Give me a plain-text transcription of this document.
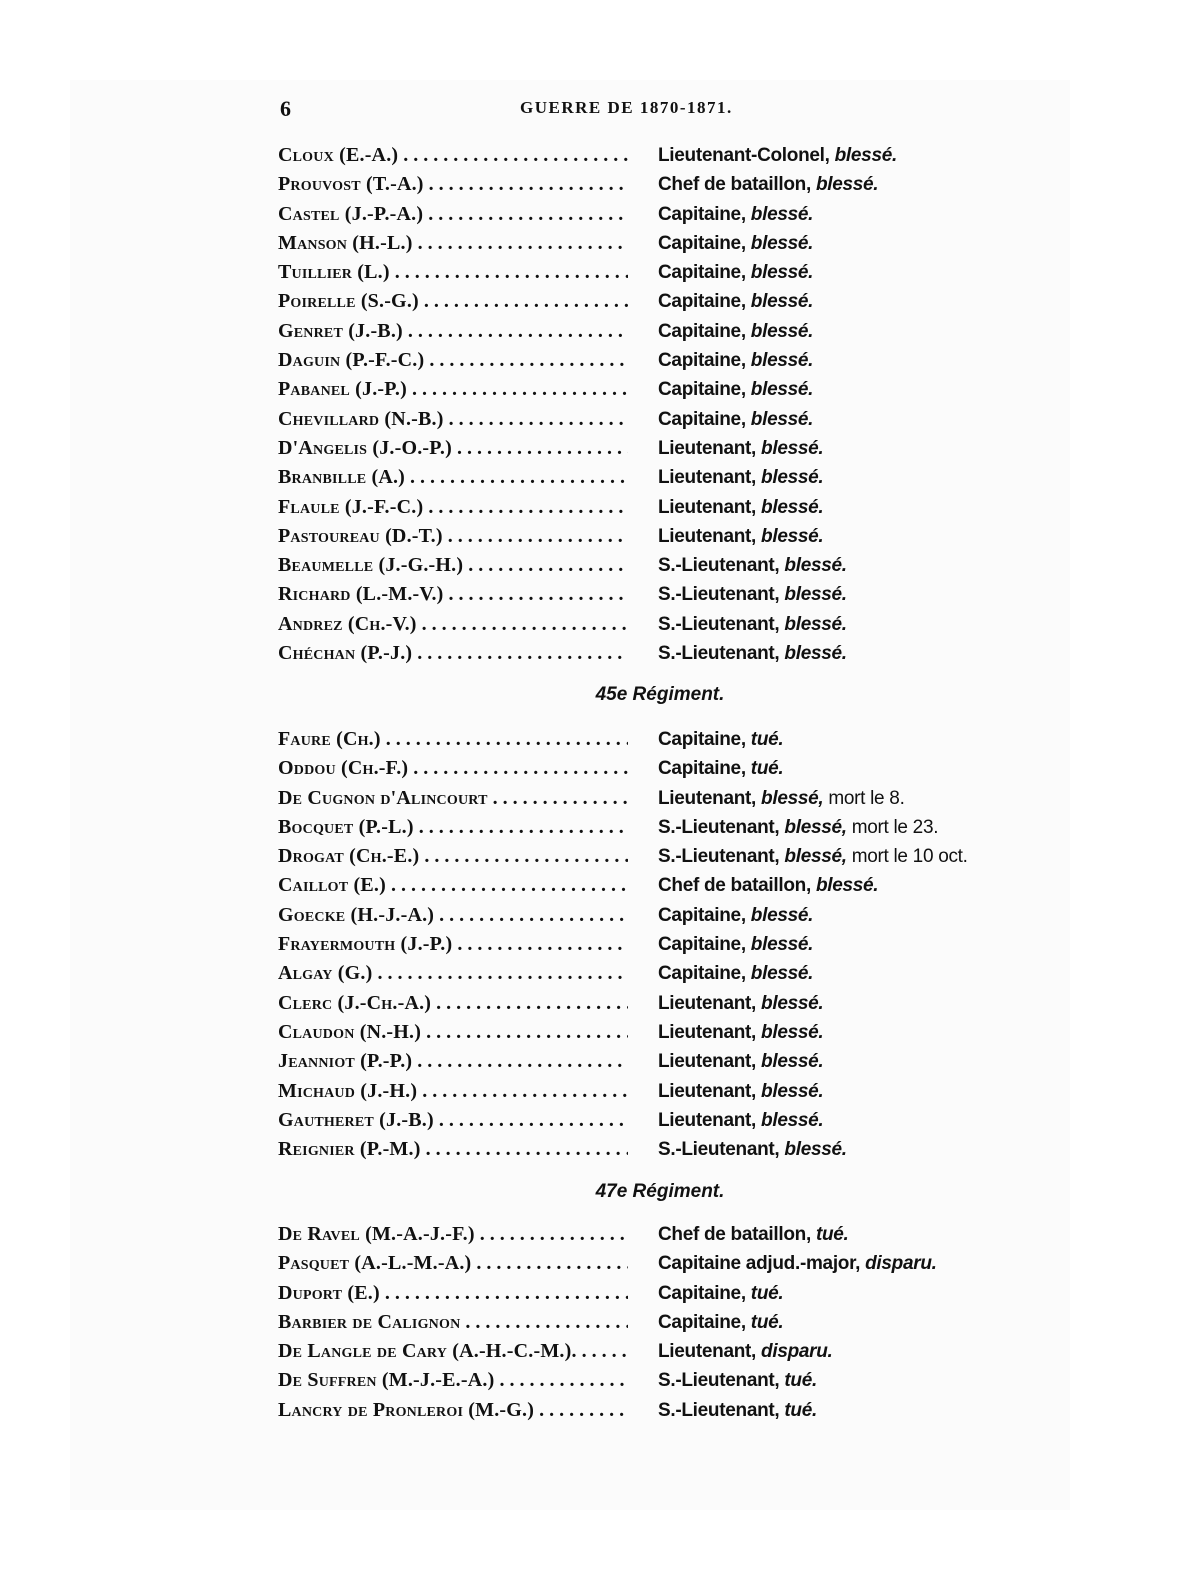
6	GUERRE DE 1870-1871.
Cloux (E.-A.) . . .	Lieutenant-Colonel, blessé.
Prouvost (T.-A.) . . .	Chef de bataillon, blessé.
Castel (J.-P.-A.) . . .	Capitaine, blessé.
Manson (H.-L.) . . .	Capitaine, blessé.
Tuillier (L.) . . .	Capitaine, blessé.
Poirelle (S.-G.) . . .	Capitaine, blessé.
Genret (J.-B.) . . .	Capitaine, blessé.
Daguin (P.-F.-C.) . . .	Capitaine, blessé.
Pabanel (J.-P.) . . .	Capitaine, blessé.
Chevillard (N.-B.) . . .	Capitaine, blessé.
D'Angelis (J.-O.-P.) . . .	Lieutenant, blessé.
Branbille (A.) . . .	Lieutenant, blessé.
Flaule (J.-F.-C.) . . .	Lieutenant, blessé.
Pastoureau (D.-T.) . . .	Lieutenant, blessé.
Beaumelle (J.-G.-H.) . . .	S.-Lieutenant, blessé.
Richard (L.-M.-V.) . . .	S.-Lieutenant, blessé.
Andrez (Ch.-V.) . . .	S.-Lieutenant, blessé.
Chéchan (P.-J.) . . .	S.-Lieutenant, blessé.
45e Régiment.
Faure (Ch.) . . .	Capitaine, tué.
Oddou (Ch.-F.) . . .	Capitaine, tué.
De Cugnon d'Alincourt . . .	Lieutenant, blessé, mort le 8.
Bocquet (P.-L.) . . .	S.-Lieutenant, blessé, mort le 23.
Drogat (Ch.-E.) . . .	S.-Lieutenant, blessé, mort le 10 oct.
Caillot (E.) . . .	Chef de bataillon, blessé.
Goecke (H.-J.-A.) . . .	Capitaine, blessé.
Frayermouth (J.-P.) . . .	Capitaine, blessé.
Algay (G.) . . .	Capitaine, blessé.
Clerc (J.-Ch.-A.) . . .	Lieutenant, blessé.
Claudon (N.-H.) . . .	Lieutenant, blessé.
Jeanniot (P.-P.) . . .	Lieutenant, blessé.
Michaud (J.-H.) . . .	Lieutenant, blessé.
Gautheret (J.-B.) . . .	Lieutenant, blessé.
Reignier (P.-M.) . . .	S.-Lieutenant, blessé.
47e Régiment.
De Ravel (M.-A.-J.-F.) . . .	Chef de bataillon, tué.
Pasquet (A.-L.-M.-A.) . . .	Capitaine adjud.-major, disparu.
Duport (E.) . . .	Capitaine, tué.
Barbier de Calignon . . .	Capitaine, tué.
De Langle de Cary (A.-H.-C.-M.). . . .	Lieutenant, disparu.
De Suffren (M.-J.-E.-A.) . . .	S.-Lieutenant, tué.
Lancry de Pronleroi (M.-G.) . . .	S.-Lieutenant, tué.
